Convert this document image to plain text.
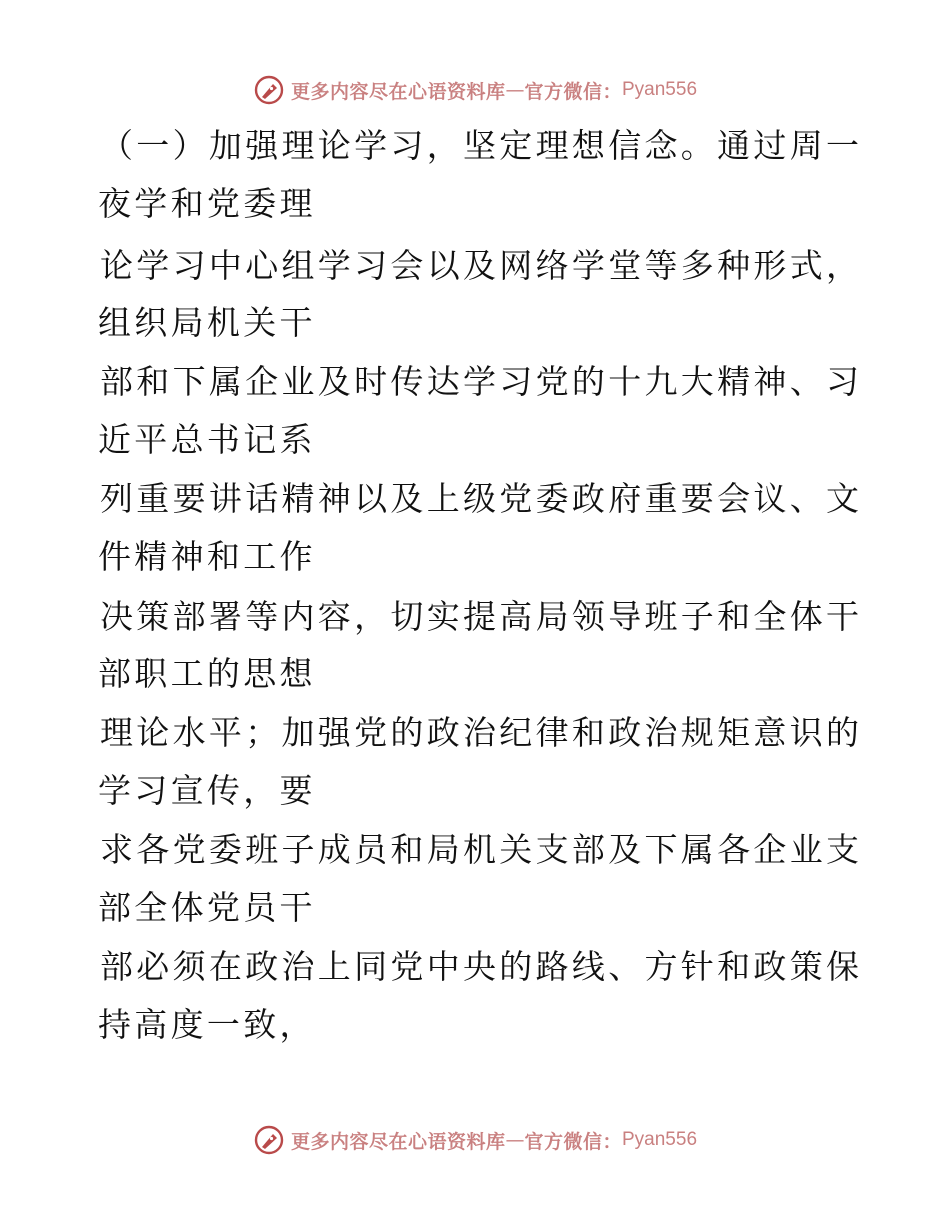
更多内容尽在心语资料库 — 官方微信： Pyan556
（一）加强理论学习，坚定理想信念。通过周一
夜学和党委理
论学习中心组学习会以及网络学堂等多种形式，
组织局机关干
部和下属企业及时传达学习党的十九大精神、习
近平总书记系
列重要讲话精神以及上级党委政府重要会议、文
件精神和工作
决策部署等内容，切实提高局领导班子和全体干
部职工的思想
理论水平；加强党的政治纪律和政治规矩意识的
学习宣传，要
求各党委班子成员和局机关支部及下属各企业支
部全体党员干
部必须在政治上同党中央的路线、方针和政策保
持高度一致，
更多内容尽在心语资料库 — 官方微信： Pyan556
